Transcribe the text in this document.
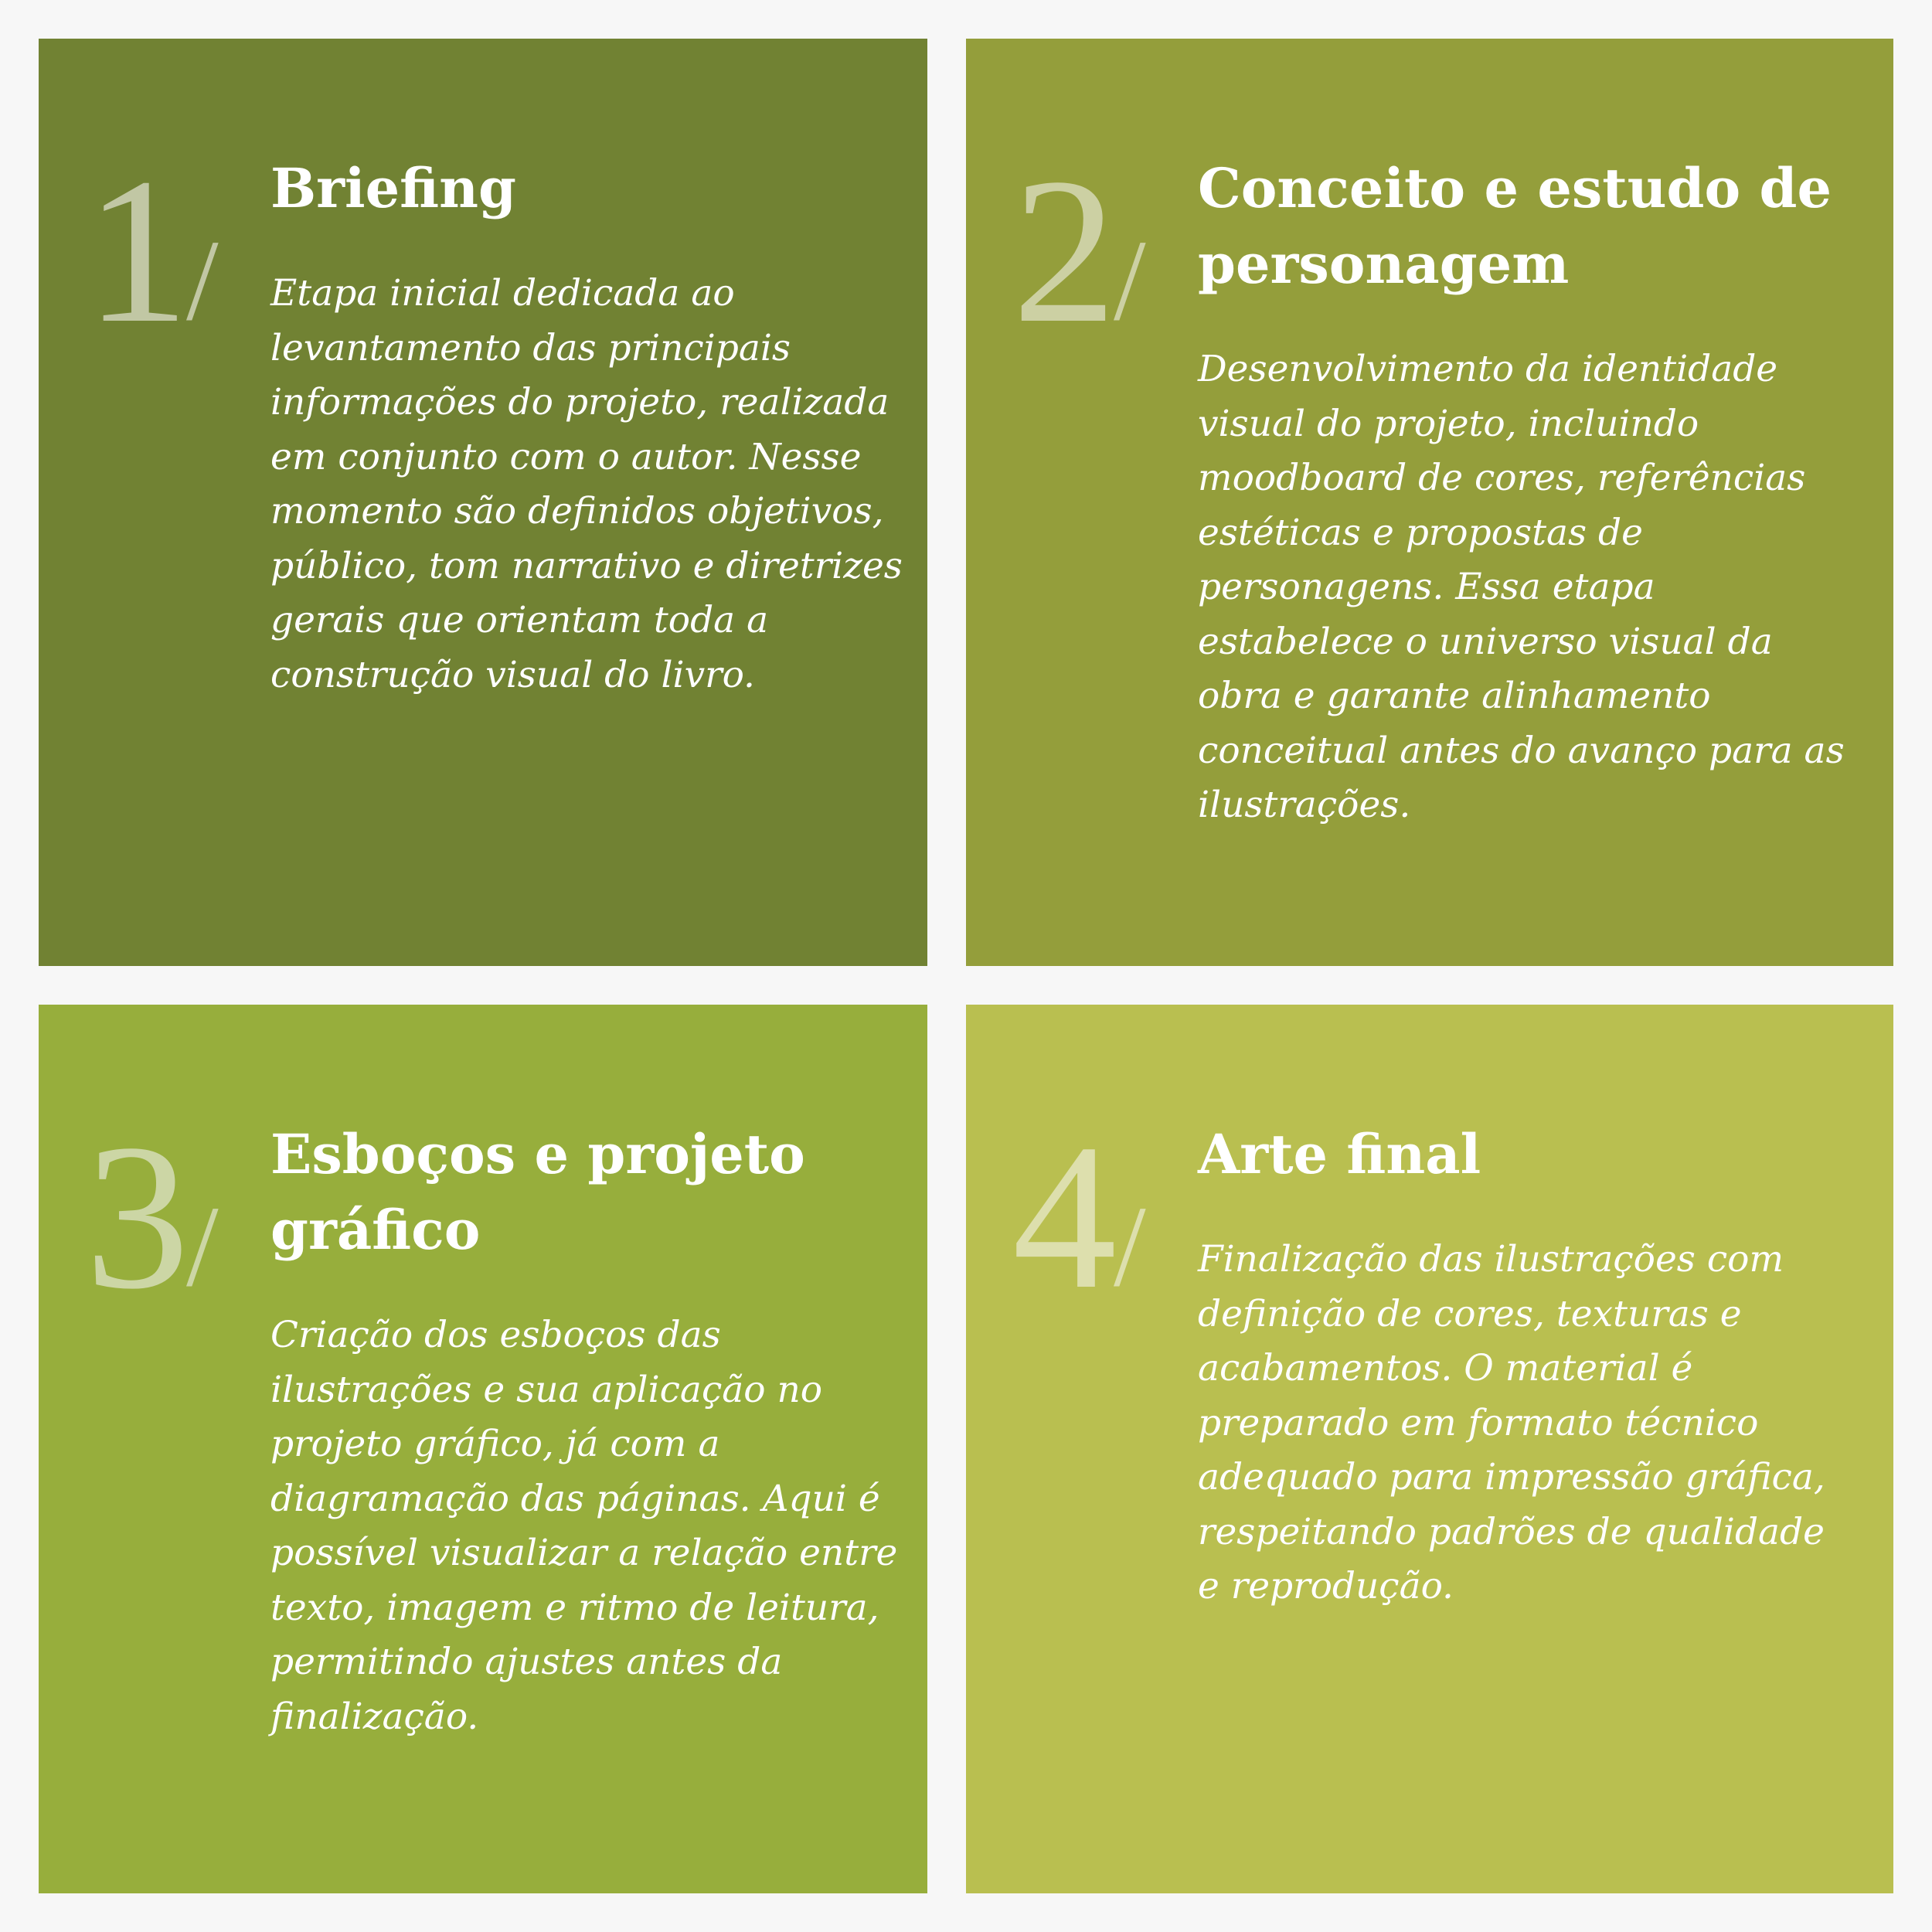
1/
Briefing

Etapa inicial dedicada ao levantamento das principais informações do projeto, realizada em conjunto com o autor. Nesse momento são definidos objetivos, público, tom narrativo e diretrizes gerais que orientam toda a construção visual do livro.

2/
Conceito e estudo de personagem

Desenvolvimento da identidade visual do projeto, incluindo moodboard de cores, referências estéticas e propostas de personagens. Essa etapa estabelece o universo visual da obra e garante alinhamento conceitual antes do avanço para as ilustrações.

3/
Esboços e projeto gráfico

Criação dos esboços das ilustrações e sua aplicação no projeto gráfico, já com a diagramação das páginas. Aqui é possível visualizar a relação entre texto, imagem e ritmo de leitura, permitindo ajustes antes da finalização.

4/
Arte final

Finalização das ilustrações com definição de cores, texturas e acabamentos. O material é preparado em formato técnico adequado para impressão gráfica, respeitando padrões de qualidade e reprodução.
